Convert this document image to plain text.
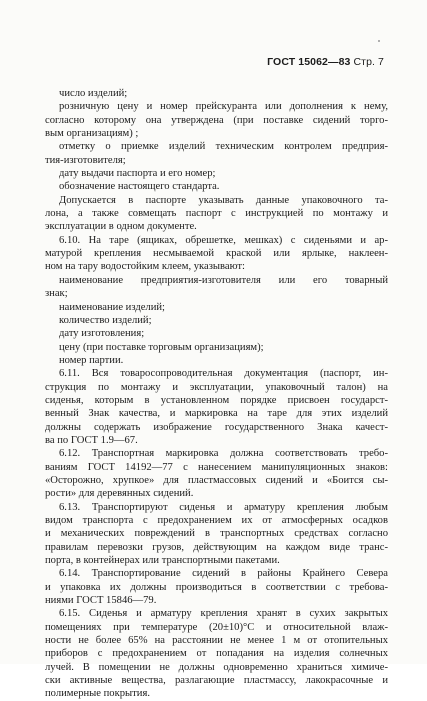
ГОСТ 15062—83 Стр. 7
число изделий;
розничную цену и номер прейскуранта или дополнения к нему,
согласно которому она утверждена (при поставке сидений торго-
вым организациям) ;
отметку о приемке изделий техническим контролем предприя-
тия-изготовителя;
дату выдачи паспорта и его номер;
обозначение настоящего стандарта.
Допускается в паспорте указывать данные упаковочного та-
лона, а также совмещать паспорт с инструкцией по монтажу и
эксплуатации в одном документе.
6.10. На таре (ящиках, обрешетке, мешках) с сиденьями и ар-
матурой крепления несмываемой краской или ярлыке, наклеен-
ном на тару водостойким клеем, указывают:
наименование предприятия-изготовителя или его товарный
знак;
наименование изделий;
количество изделий;
дату изготовления;
цену (при поставке торговым организациям);
номер партии.
6.11. Вся товаросопроводительная документация (паспорт, ин-
струкция по монтажу и эксплуатации, упаковочный талон) на
сиденья, которым в установленном порядке присвоен государст-
венный Знак качества, и маркировка на таре для этих изделий
должны содержать изображение государственного Знака качест-
ва по ГОСТ 1.9—67.
6.12. Транспортная маркировка должна соответствовать требо-
ваниям ГОСТ 14192—77 с нанесением манипуляционных знаков:
«Осторожно, хрупкое» для пластмассовых сидений и «Боится сы-
рости» для деревянных сидений.
6.13. Транспортируют сиденья и арматуру крепления любым
видом транспорта с предохранением их от атмосферных осадков
и механических повреждений в транспортных средствах согласно
правилам перевозки грузов, действующим на каждом виде транс-
порта, в контейнерах или транспортными пакетами.
6.14. Транспортирование сидений в районы Крайнего Севера
и упаковка их должны производиться в соответствии с требова-
ниями ГОСТ 15846—79.
6.15. Сиденья и арматуру крепления хранят в сухих закрытых
помещениях при температуре (20±10)°С и относительной влаж-
ности не более 65% на расстоянии не менее 1 м от отопительных
приборов с предохранением от попадания на изделия солнечных
лучей. В помещении не должны одновременно храниться химиче-
ски активные вещества, разлагающие пластмассу, лакокрасочные и
полимерные покрытия.
